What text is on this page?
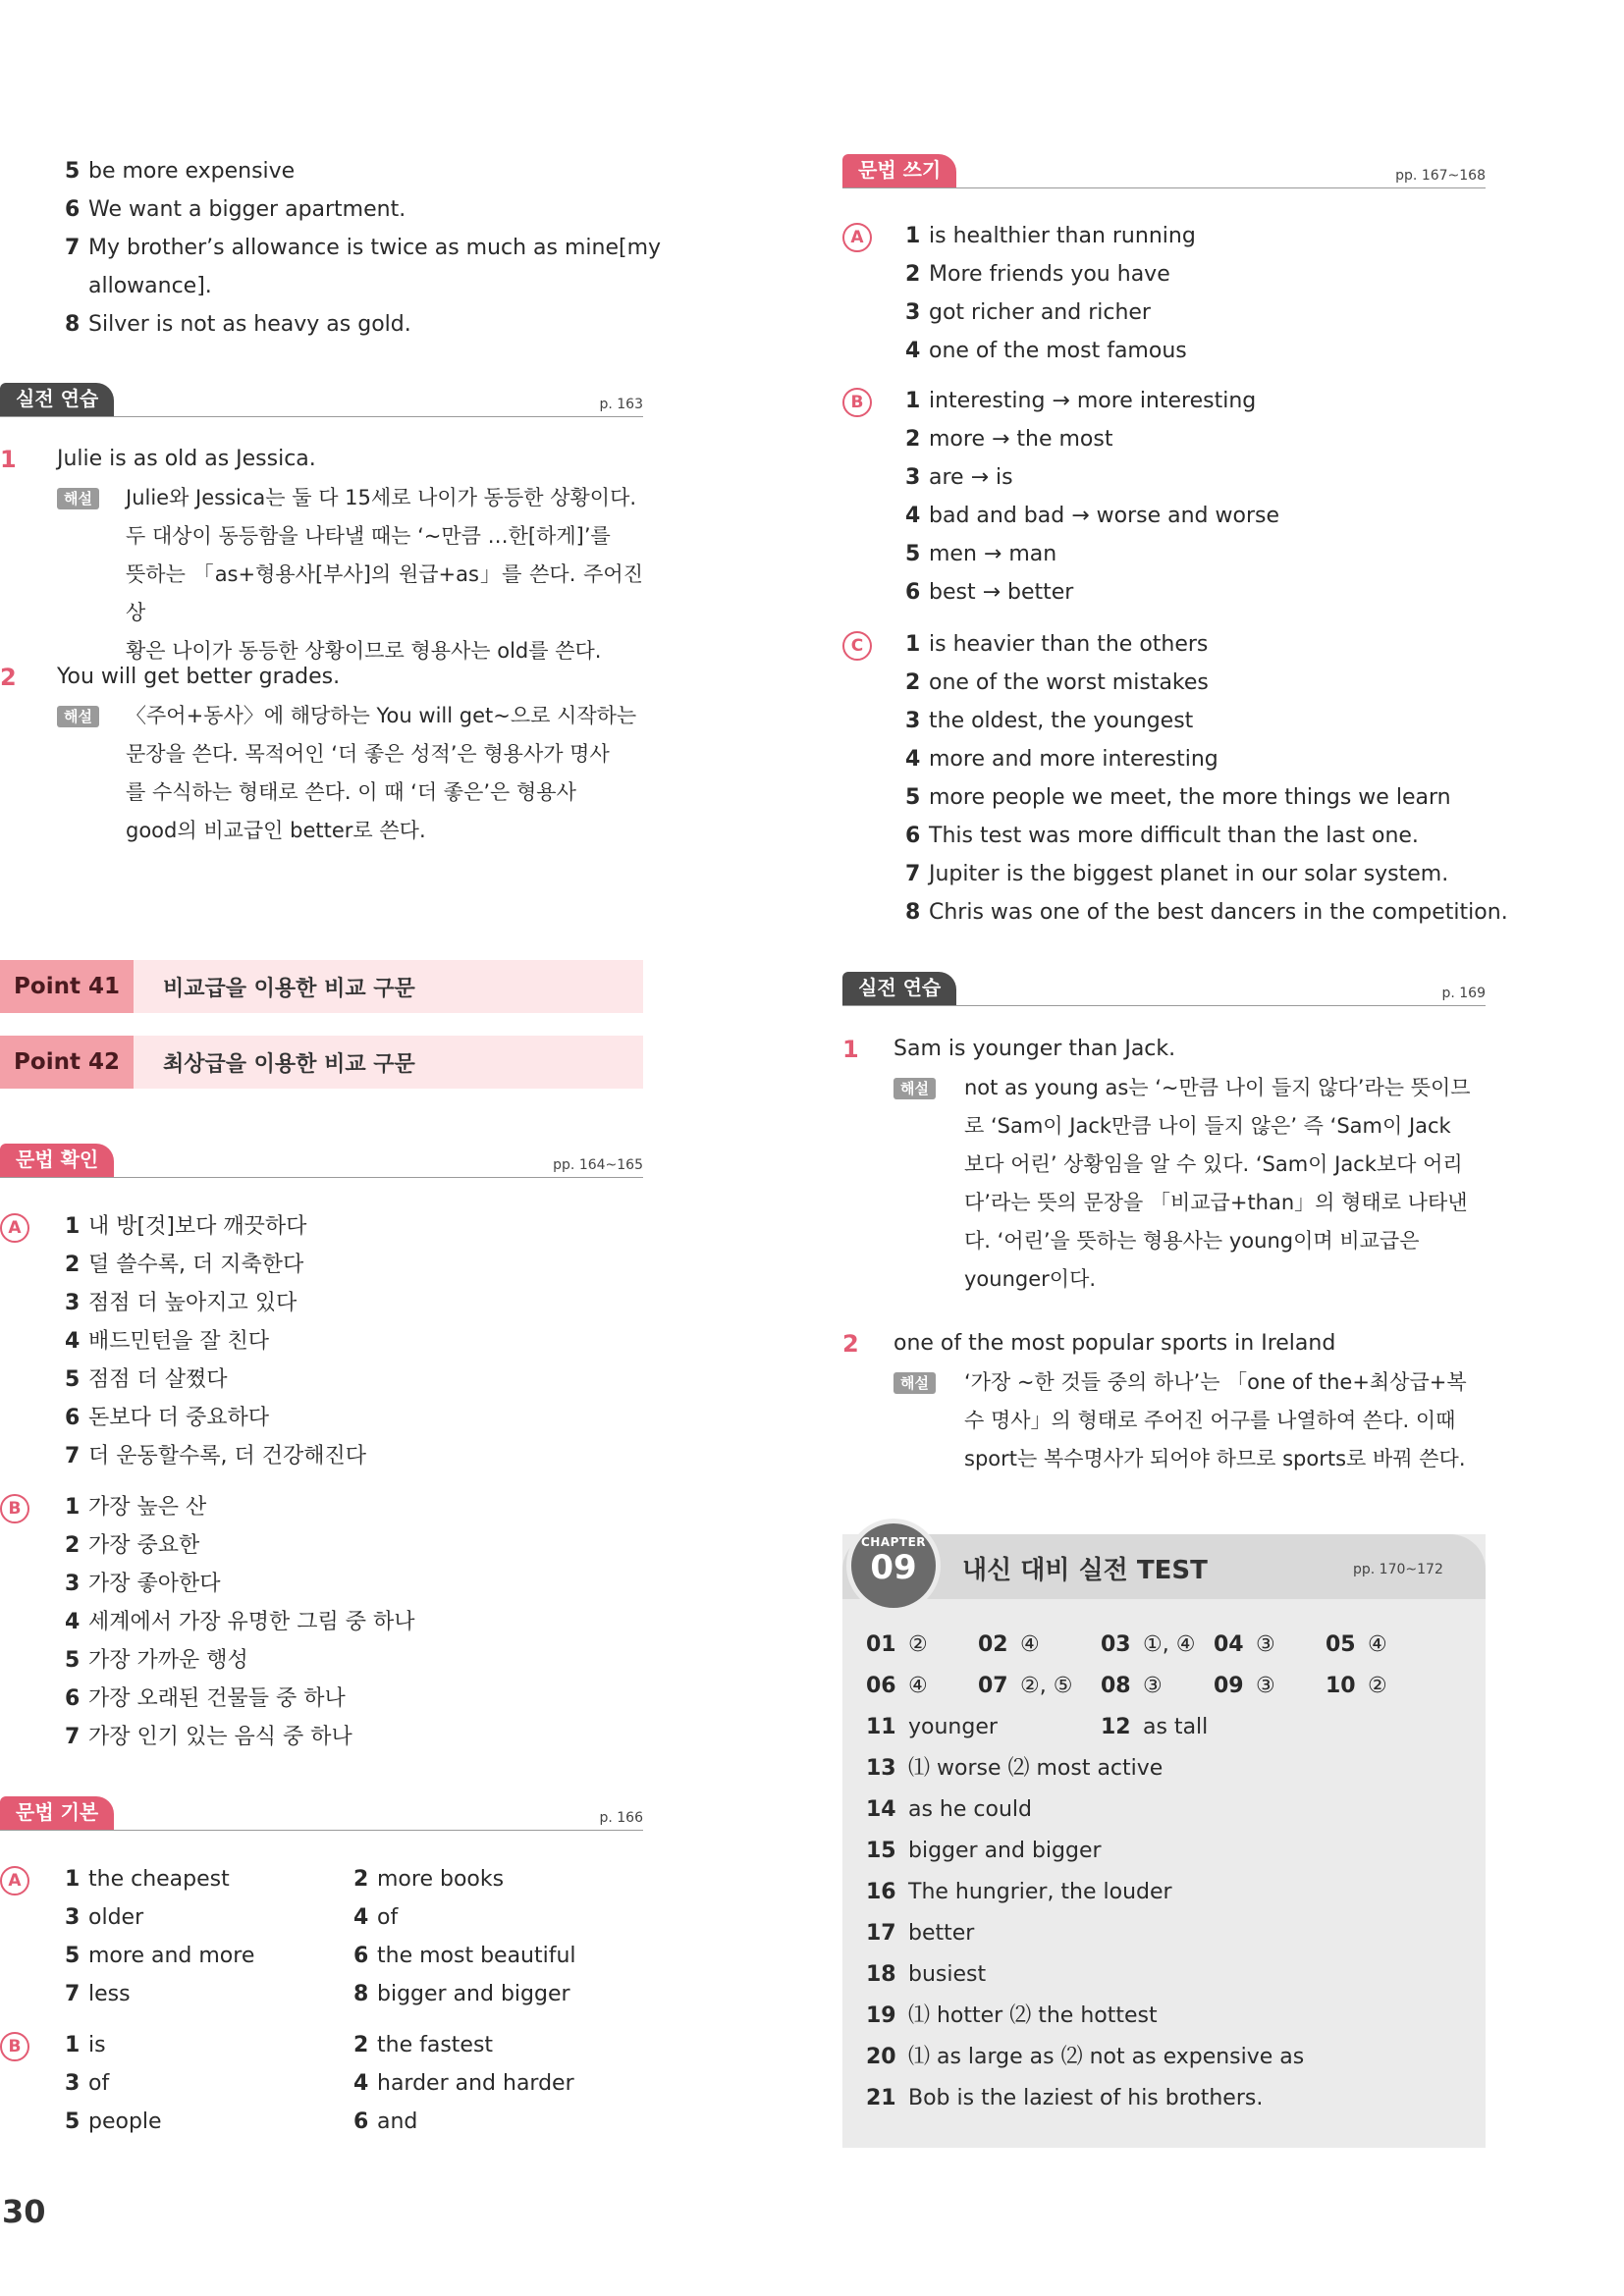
5 be more expensive
6 We want a bigger apartment.
7 My brother’s allowance is twice as much as mine[my
allowance].
8 Silver is not as heavy as gold.
실전 연습	p. 163
1 Julie is as old as Jessica.
해설	Julie와 Jessica는 둘 다 15세로 나이가 동등한 상황이다.
두 대상이 동등함을 나타낼 때는 ‘~만큼 …한[하게]’를
뜻하는 「as+형용사[부사]의 원급+as」를 쓴다. 주어진 상
황은 나이가 동등한 상황이므로 형용사는 old를 쓴다.
2 You will get better grades.
해설	〈주어+동사〉에 해당하는 You will get~으로 시작하는
문장을 쓴다. 목적어인 ‘더 좋은 성적’은 형용사가 명사
를 수식하는 형태로 쓴다. 이 때 ‘더 좋은’은 형용사
good의 비교급인 better로 쓴다.
Point 41	비교급을 이용한 비교 구문
Point 42	최상급을 이용한 비교 구문
문법 확인	pp. 164~165
A	1 내 방[것]보다 깨끗하다
2 덜 쓸수록, 더 지축한다
3 점점 더 높아지고 있다
4 배드민턴을 잘 친다
5 점점 더 살쪘다
6 돈보다 더 중요하다
7 더 운동할수록, 더 건강해진다
B	1 가장 높은 산
2 가장 중요한
3 가장 좋아한다
4 세계에서 가장 유명한 그림 중 하나
5 가장 가까운 행성
6 가장 오래된 건물들 중 하나
7 가장 인기 있는 음식 중 하나
문법 기본	p. 166
A	1 the cheapest	2 more books
3 older	4 of
5 more and more	6 the most beautiful
7 less	8 bigger and bigger
B	1 is	2 the fastest
3 of	4 harder and harder
5 people	6 and
30
문법 쓰기	pp. 167~168
A	1 is healthier than running
2 More friends you have
3 got richer and richer
4 one of the most famous
B	1 interesting → more interesting
2 more → the most
3 are → is
4 bad and bad → worse and worse
5 men → man
6 best → better
C	1 is heavier than the others
2 one of the worst mistakes
3 the oldest, the youngest
4 more and more interesting
5 more people we meet, the more things we learn
6 This test was more difficult than the last one.
7 Jupiter is the biggest planet in our solar system.
8 Chris was one of the best dancers in the competition.
실전 연습	p. 169
1 Sam is younger than Jack.
해설	not as young as는 ‘~만큼 나이 들지 않다’라는 뜻이므
로 ‘Sam이 Jack만큼 나이 들지 않은’ 즉 ‘Sam이 Jack
보다 어린’ 상황임을 알 수 있다. ‘Sam이 Jack보다 어리
다’라는 뜻의 문장을 「비교급+than」의 형태로 나타낸
다. ‘어린’을 뜻하는 형용사는 young이며 비교급은
younger이다.
2 one of the most popular sports in Ireland
해설	‘가장 ~한 것들 중의 하나’는 「one of the+최상급+복
수 명사」의 형태로 주어진 어구를 나열하여 쓴다. 이때
sport는 복수명사가 되어야 하므로 sports로 바꿔 쓴다.
CHAPTER
09	내신 대비 실전 TEST	pp. 170~172
01 ② 02 ④	03 ①, ④ 04 ③ 05 ④
06 ④ 07 ②, ⑤ 08 ③ 09 ③ 10 ②
11 younger	12 as tall
13 ⑴ worse ⑵ most active
14 as he could
15 bigger and bigger
16 The hungrier, the louder
17 better
18 busiest
19 ⑴ hotter ⑵ the hottest
20 ⑴ as large as ⑵ not as expensive as
21 Bob is the laziest of his brothers.
